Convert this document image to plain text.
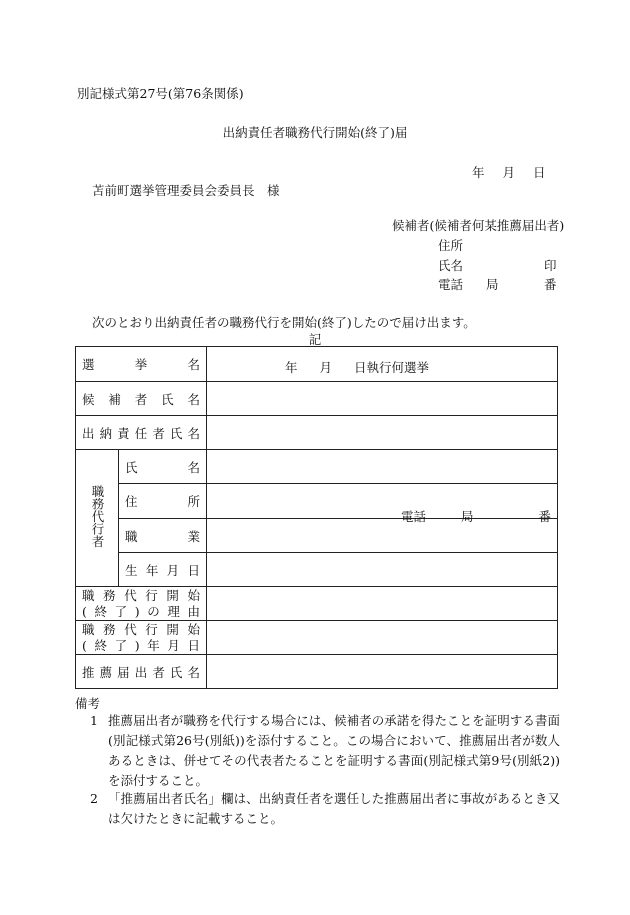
別記様式第27号(第76条関係)
出納責任者職務代行開始(終了)届
年 月 日
苫前町選挙管理委員会委員長　様
候補者(候補者何某推薦届出者)
住所
氏名	印
電話 局	番
次のとおり出納責任者の職務代行を開始(終了)したので届け出ます。
記
選　挙　名		年 月 日執行何選挙

候補者氏名		
出納責任者氏名		
職務代行者	氏　名	
	住　所	電話 局 番

	職　業	
	生年月日	

職務代行開始
(終了)の理由		

職務代行開始
(終了)年月日		

推薦届出者氏名		
備考
1 推薦届出者が職務を代行する場合には、候補者の承諾を得たことを証明する書面(別記様式第26号(別紙))を添付すること。この場合において、推薦届出者が数人あるときは、併せてその代表者たることを証明する書面(別記様式第9号(別紙2))を添付すること。
2 「推薦届出者氏名」欄は、出納責任者を選任した推薦届出者に事故があるとき又は欠けたときに記載すること。
